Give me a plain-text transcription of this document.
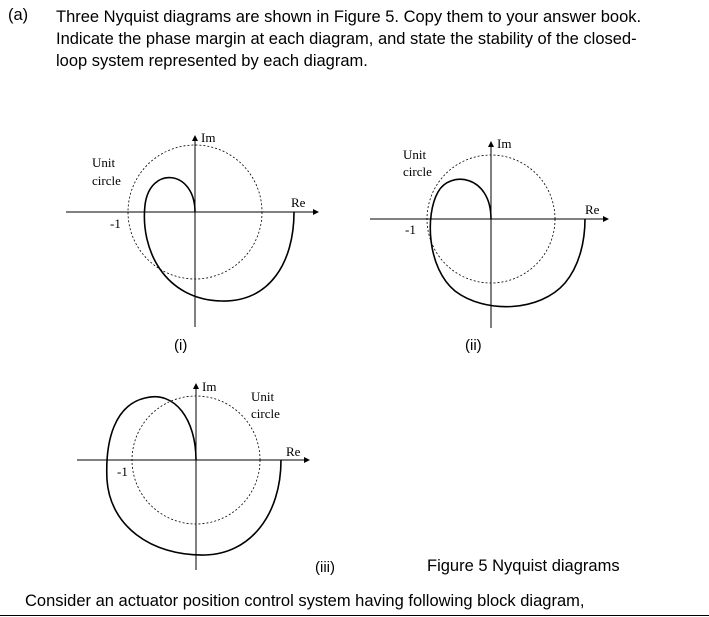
(a) Three Nyquist diagrams are shown in Figure 5. Copy them to your answer book.
Indicate the phase margin at each diagram, and state the stability of the closed-
loop system represented by each diagram.
Im
Re
Unit
circle
-1
Im
Re
Unit
circle
-1
Im
Re
Unit
circle
-1
(i)	(ii)
(iii)	Figure 5 Nyquist diagrams
Consider an actuator position control system having following block diagram,
